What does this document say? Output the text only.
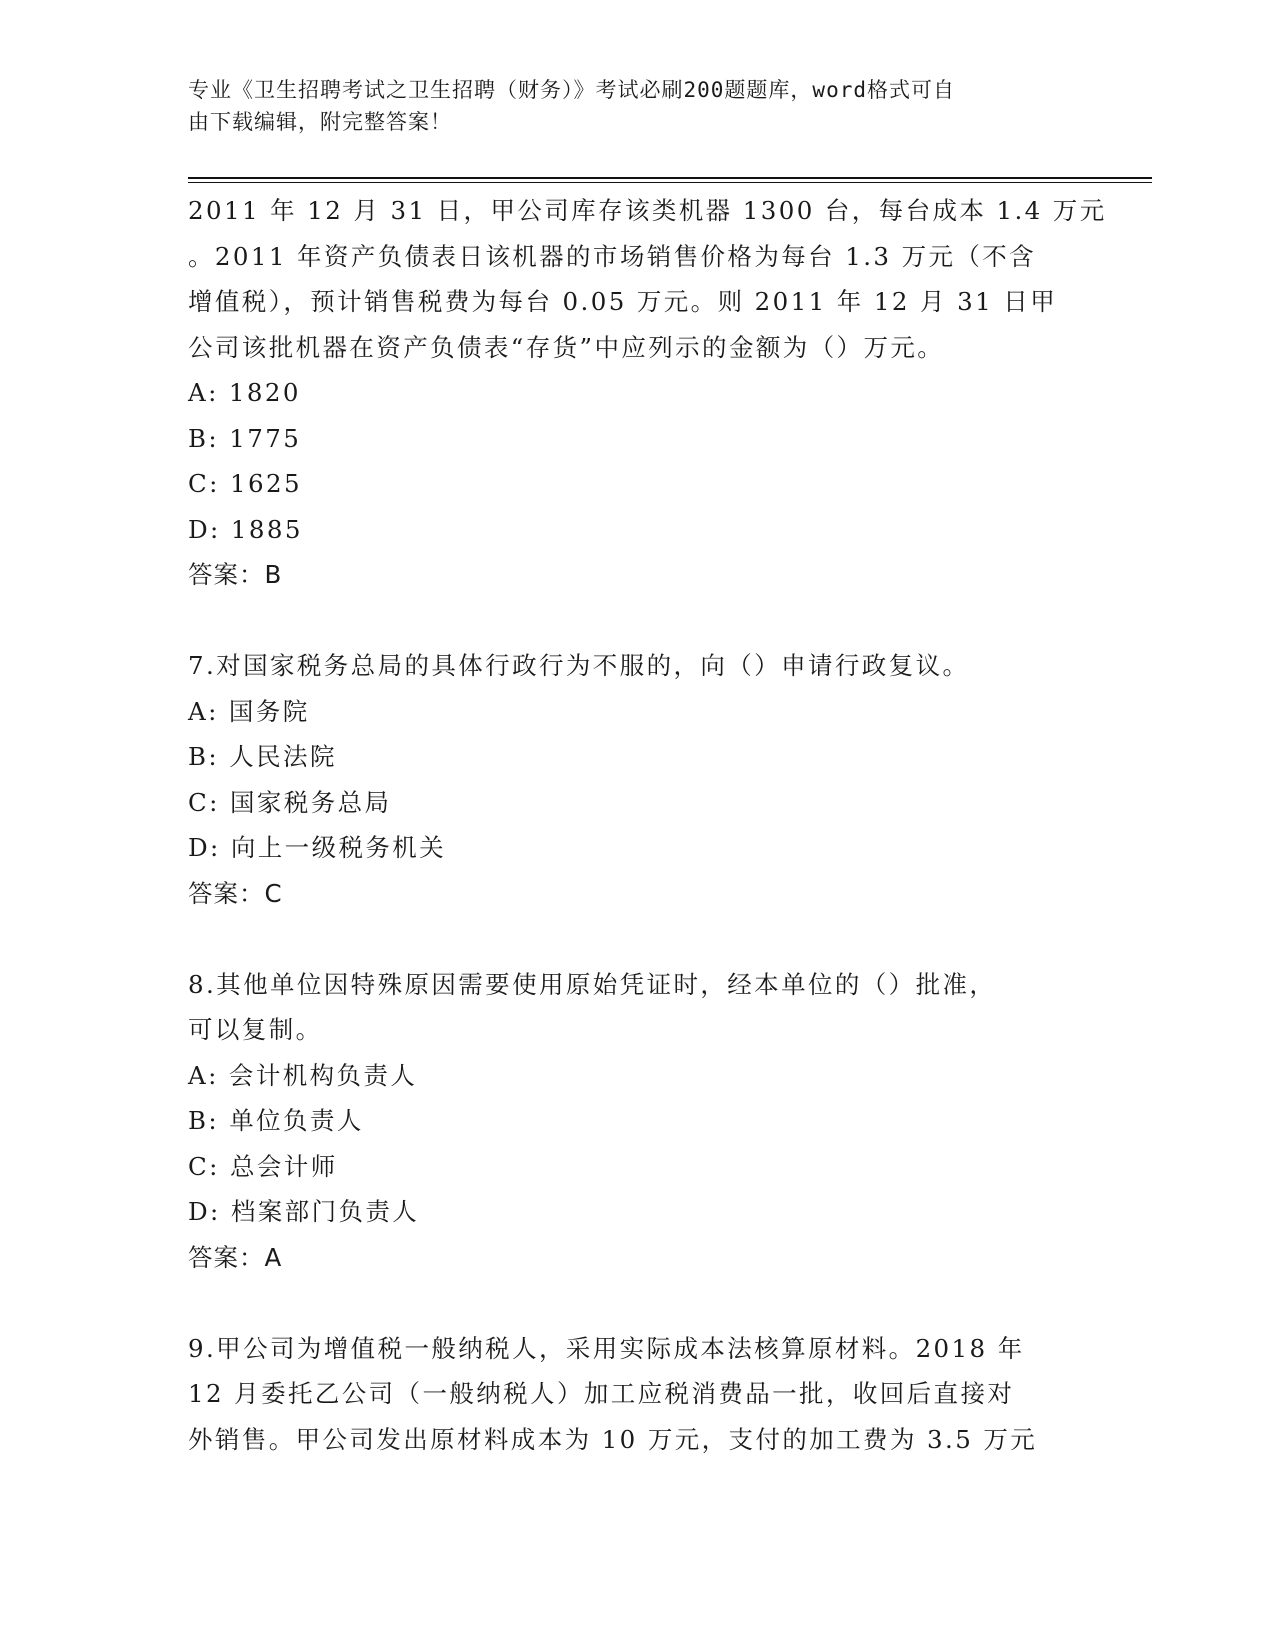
专业《卫生招聘考试之卫生招聘（财务）》考试必刷200题题库，word格式可自
由下载编辑，附完整答案！
2011 年 12 月 31 日，甲公司库存该类机器 1300 台，每台成本 1.4 万元
。2011 年资产负债表日该机器的市场销售价格为每台 1.3 万元（不含
增值税），预计销售税费为每台 0.05 万元。则 2011 年 12 月 31 日甲
公司该批机器在资产负债表“存货”中应列示的金额为（）万元。
A: 1820
B: 1775
C: 1625
D: 1885
答案：B
7.对国家税务总局的具体行政行为不服的，向（）申请行政复议。
A: 国务院
B: 人民法院
C: 国家税务总局
D: 向上一级税务机关
答案：C
8.其他单位因特殊原因需要使用原始凭证时，经本单位的（）批准，
可以复制。
A: 会计机构负责人
B: 单位负责人
C: 总会计师
D: 档案部门负责人
答案：A
9.甲公司为增值税一般纳税人，采用实际成本法核算原材料。2018 年
12 月委托乙公司（一般纳税人）加工应税消费品一批，收回后直接对
外销售。甲公司发出原材料成本为 10 万元，支付的加工费为 3.5 万元
